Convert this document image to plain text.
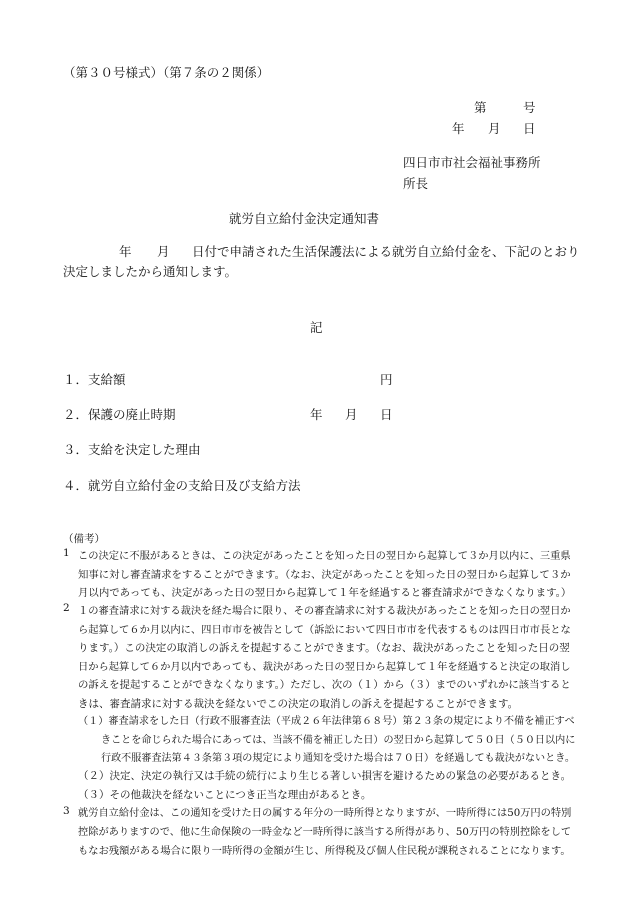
（第３０号様式）（第７条の２関係）
第	号
年 月 日
四日市市社会福祉事務所
所長
就労自立給付金決定通知書
年 月 日付で申請された生活保護法による就労自立給付金を、下記のとおり
決定しましたから通知します。
記
１．支給額	円
２．保護の廃止時期	年 月 日
３．支給を決定した理由
４．就労自立給付金の支給日及び支給方法
（備考）
1 この決定に不服があるときは、この決定があったことを知った日の翌日から起算して３か月以内に、三重県
知事に対し審査請求をすることができます。（なお、決定があったことを知った日の翌日から起算して３か
月以内であっても、決定があった日の翌日から起算して１年を経過すると審査請求ができなくなります。）
2 １の審査請求に対する裁決を経た場合に限り、その審査請求に対する裁決があったことを知った日の翌日か
ら起算して６か月以内に、四日市市を被告として（訴訟において四日市市を代表するものは四日市市長とな
ります。）この決定の取消しの訴えを提起することができます。（なお、裁決があったことを知った日の翌
日から起算して６か月以内であっても、裁決があった日の翌日から起算して１年を経過すると決定の取消し
の訴えを提起することができなくなります。）ただし、次の（１）から（３）までのいずれかに該当すると
きは、審査請求に対する裁決を経ないでこの決定の取消しの訴えを提起することができます。
（１）審査請求をした日（行政不服審査法（平成２６年法律第６８号）第２３条の規定により不備を補正すべ
きことを命じられた場合にあっては、当該不備を補正した日）の翌日から起算して５０日（５０日以内に
行政不服審査法第４３条第３項の規定により通知を受けた場合は７０日）を経過しても裁決がないとき。
（２）決定、決定の執行又は手続の続行により生じる著しい損害を避けるための緊急の必要があるとき。
（３）その他裁決を経ないことにつき正当な理由があるとき。
3 就労自立給付金は、この通知を受けた日の属する年分の一時所得となりますが、一時所得には50万円の特別
控除がありますので、他に生命保険の一時金など一時所得に該当する所得があり、50万円の特別控除をして
もなお残額がある場合に限り一時所得の金額が生じ、所得税及び個人住民税が課税されることになります。
